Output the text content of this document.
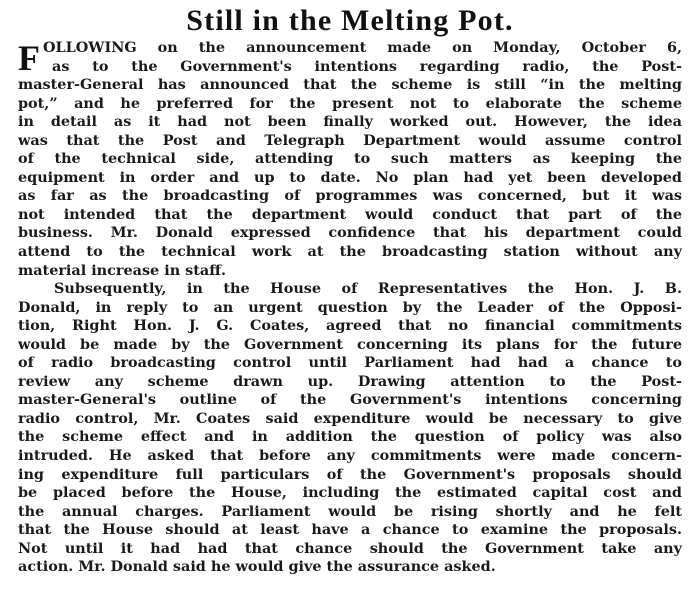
Still in the Melting Pot.
F OLLOWING on the announcement made on Monday, October 6,
as to the Government's intentions regarding radio, the Post-
master-General has announced that the scheme is still “in the melting
pot,” and he preferred for the present not to elaborate the scheme
in detail as it had not been finally worked out. However, the idea
was that the Post and Telegraph Department would assume control
of the technical side, attending to such matters as keeping the
equipment in order and up to date. No plan had yet been developed
as far as the broadcasting of programmes was concerned, but it was
not intended that the department would conduct that part of the
business. Mr. Donald expressed confidence that his department could
attend to the technical work at the broadcasting station without any
material increase in staff.
Subsequently, in the House of Representatives the Hon. J. B.
Donald, in reply to an urgent question by the Leader of the Opposi-
tion, Right Hon. J. G. Coates, agreed that no financial commitments
would be made by the Government concerning its plans for the future
of radio broadcasting control until Parliament had had a chance to
review any scheme drawn up. Drawing attention to the Post-
master-General's outline of the Government's intentions concerning
radio control, Mr. Coates said expenditure would be necessary to give
the scheme effect and in addition the question of policy was also
intruded. He asked that before any commitments were made concern-
ing expenditure full particulars of the Government's proposals should
be placed before the House, including the estimated capital cost and
the annual charges. Parliament would be rising shortly and he felt
that the House should at least have a chance to examine the proposals.
Not until it had had that chance should the Government take any
action. Mr. Donald said he would give the assurance asked.
